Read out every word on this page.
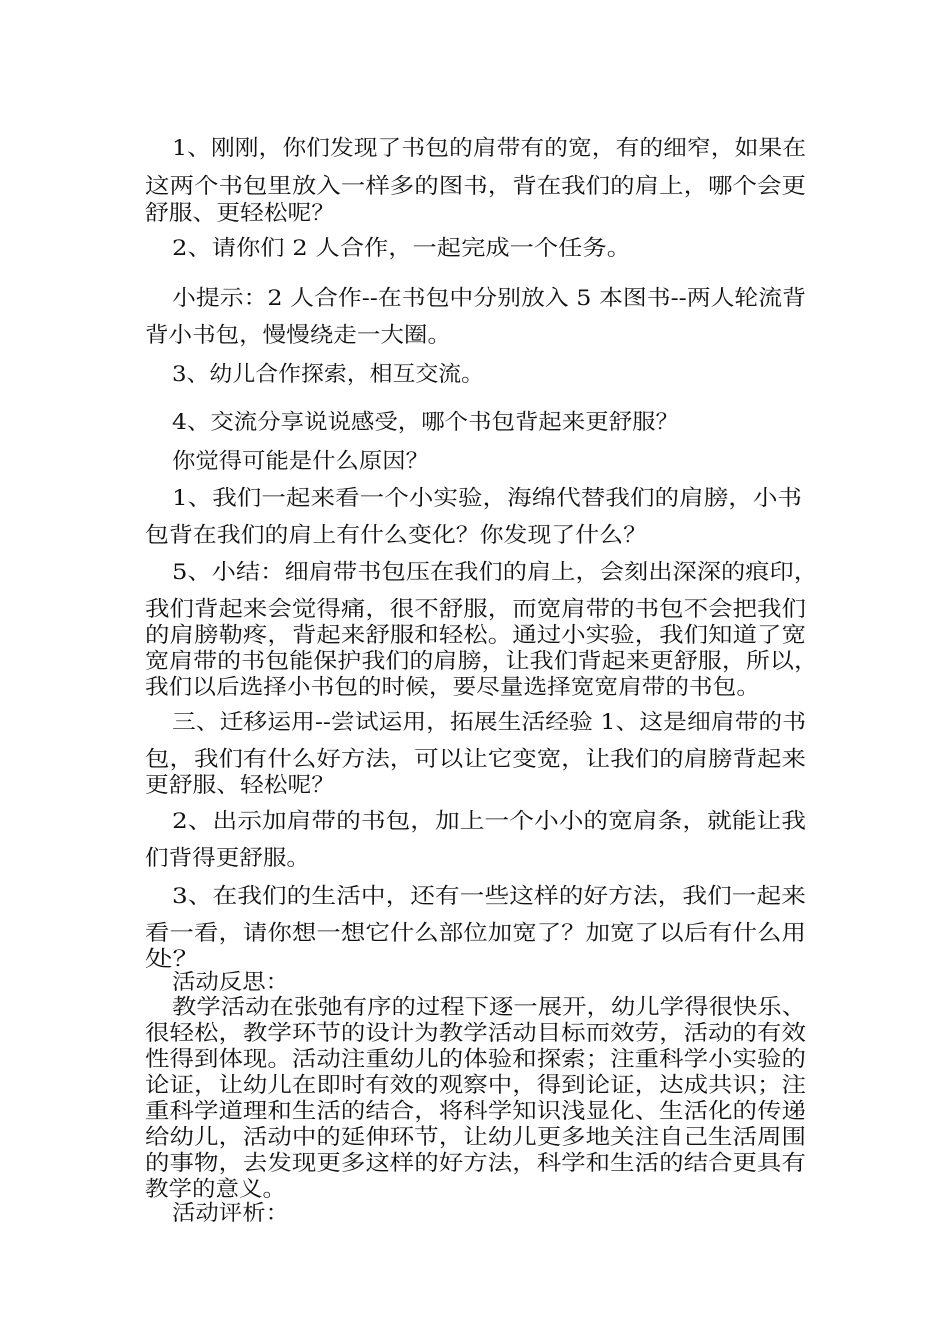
1、刚刚，你们发现了书包的肩带有的宽，有的细窄，如果在
这两个书包里放入一样多的图书，背在我们的肩上，哪个会更
舒服、更轻松呢？
2、请你们 2 人合作，一起完成一个任务。
小提示：2 人合作--在书包中分别放入 5 本图书--两人轮流背
背小书包，慢慢绕走一大圈。
3、幼儿合作探索，相互交流。
4、交流分享说说感受，哪个书包背起来更舒服？
你觉得可能是什么原因？
1、我们一起来看一个小实验，海绵代替我们的肩膀，小书
包背在我们的肩上有什么变化？你发现了什么？
5、小结：细肩带书包压在我们的肩上，会刻出深深的痕印，
我们背起来会觉得痛，很不舒服，而宽肩带的书包不会把我们
的肩膀勒疼，背起来舒服和轻松。通过小实验，我们知道了宽
宽肩带的书包能保护我们的肩膀，让我们背起来更舒服，所以，
我们以后选择小书包的时候，要尽量选择宽宽肩带的书包。
三、迁移运用--尝试运用，拓展生活经验 1、这是细肩带的书
包，我们有什么好方法，可以让它变宽，让我们的肩膀背起来
更舒服、轻松呢？
2、出示加肩带的书包，加上一个小小的宽肩条，就能让我
们背得更舒服。
3、在我们的生活中，还有一些这样的好方法，我们一起来
看一看，请你想一想它什么部位加宽了？加宽了以后有什么用
处？
活动反思：
教学活动在张弛有序的过程下逐一展开，幼儿学得很快乐、
很轻松，教学环节的设计为教学活动目标而效劳，活动的有效
性得到体现。活动注重幼儿的体验和探索；注重科学小实验的
论证，让幼儿在即时有效的观察中，得到论证，达成共识；注
重科学道理和生活的结合，将科学知识浅显化、生活化的传递
给幼儿，活动中的延伸环节，让幼儿更多地关注自己生活周围
的事物，去发现更多这样的好方法，科学和生活的结合更具有
教学的意义。
活动评析：
